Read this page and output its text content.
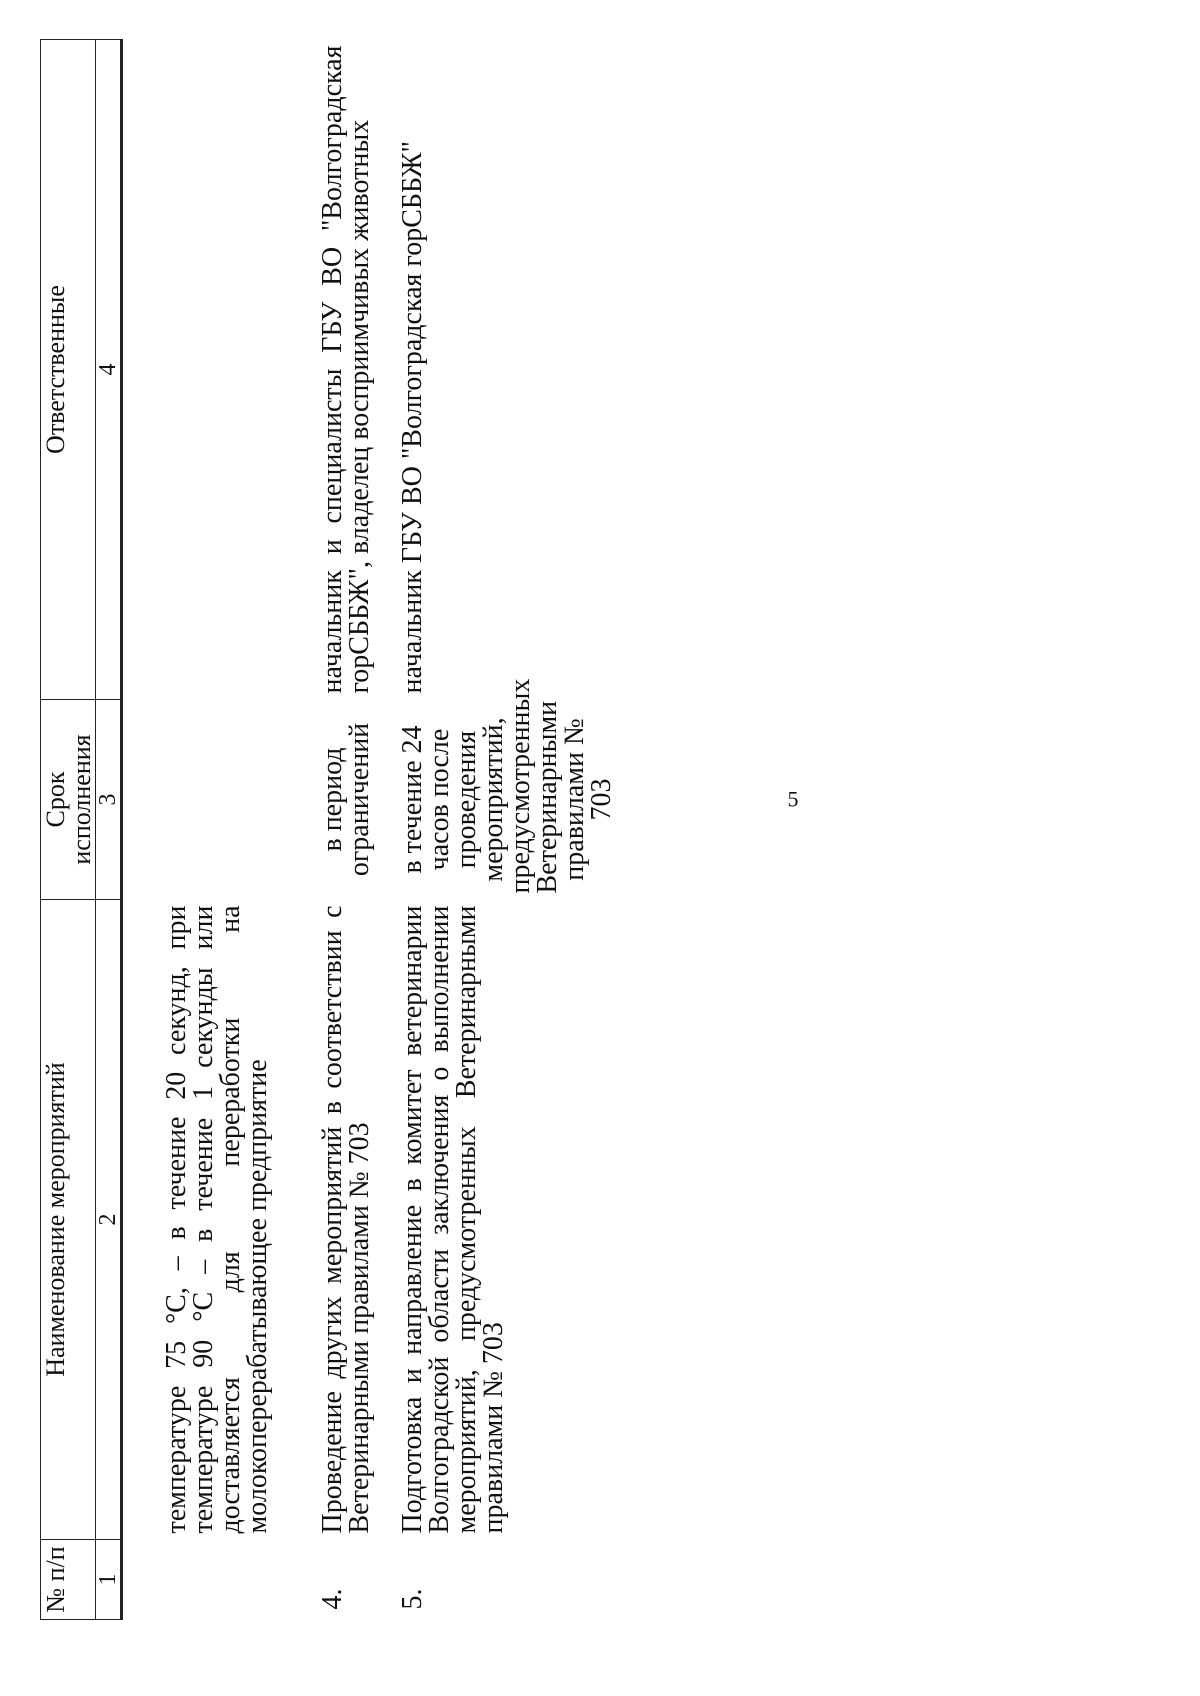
№ п/п	Наименование мероприятий	Срок исполнения	Ответственные
1	2	3	4
	температуре 75 °С, – в течение 20 секунд, при температуре 90 °С – в течение 1 секунды или доставляется для переработки на молокоперерабатывающее предприятие		
4.	Проведение других мероприятий в соответствии с Ветеринарными правилами № 703	в период ограничений	начальник и специалисты ГБУ ВО "Волгоградская горСББЖ", владелец восприимчивых животных
5.	Подготовка и направление в комитет ветеринарии Волгоградской области заключения о выполнении мероприятий, предусмотренных Ветеринарными правилами № 703	в течение 24 часов после проведения мероприятий, предусмотренных Ветеринарными правилами № 703	начальник ГБУ ВО "Волгоградская горСББЖ"
5
